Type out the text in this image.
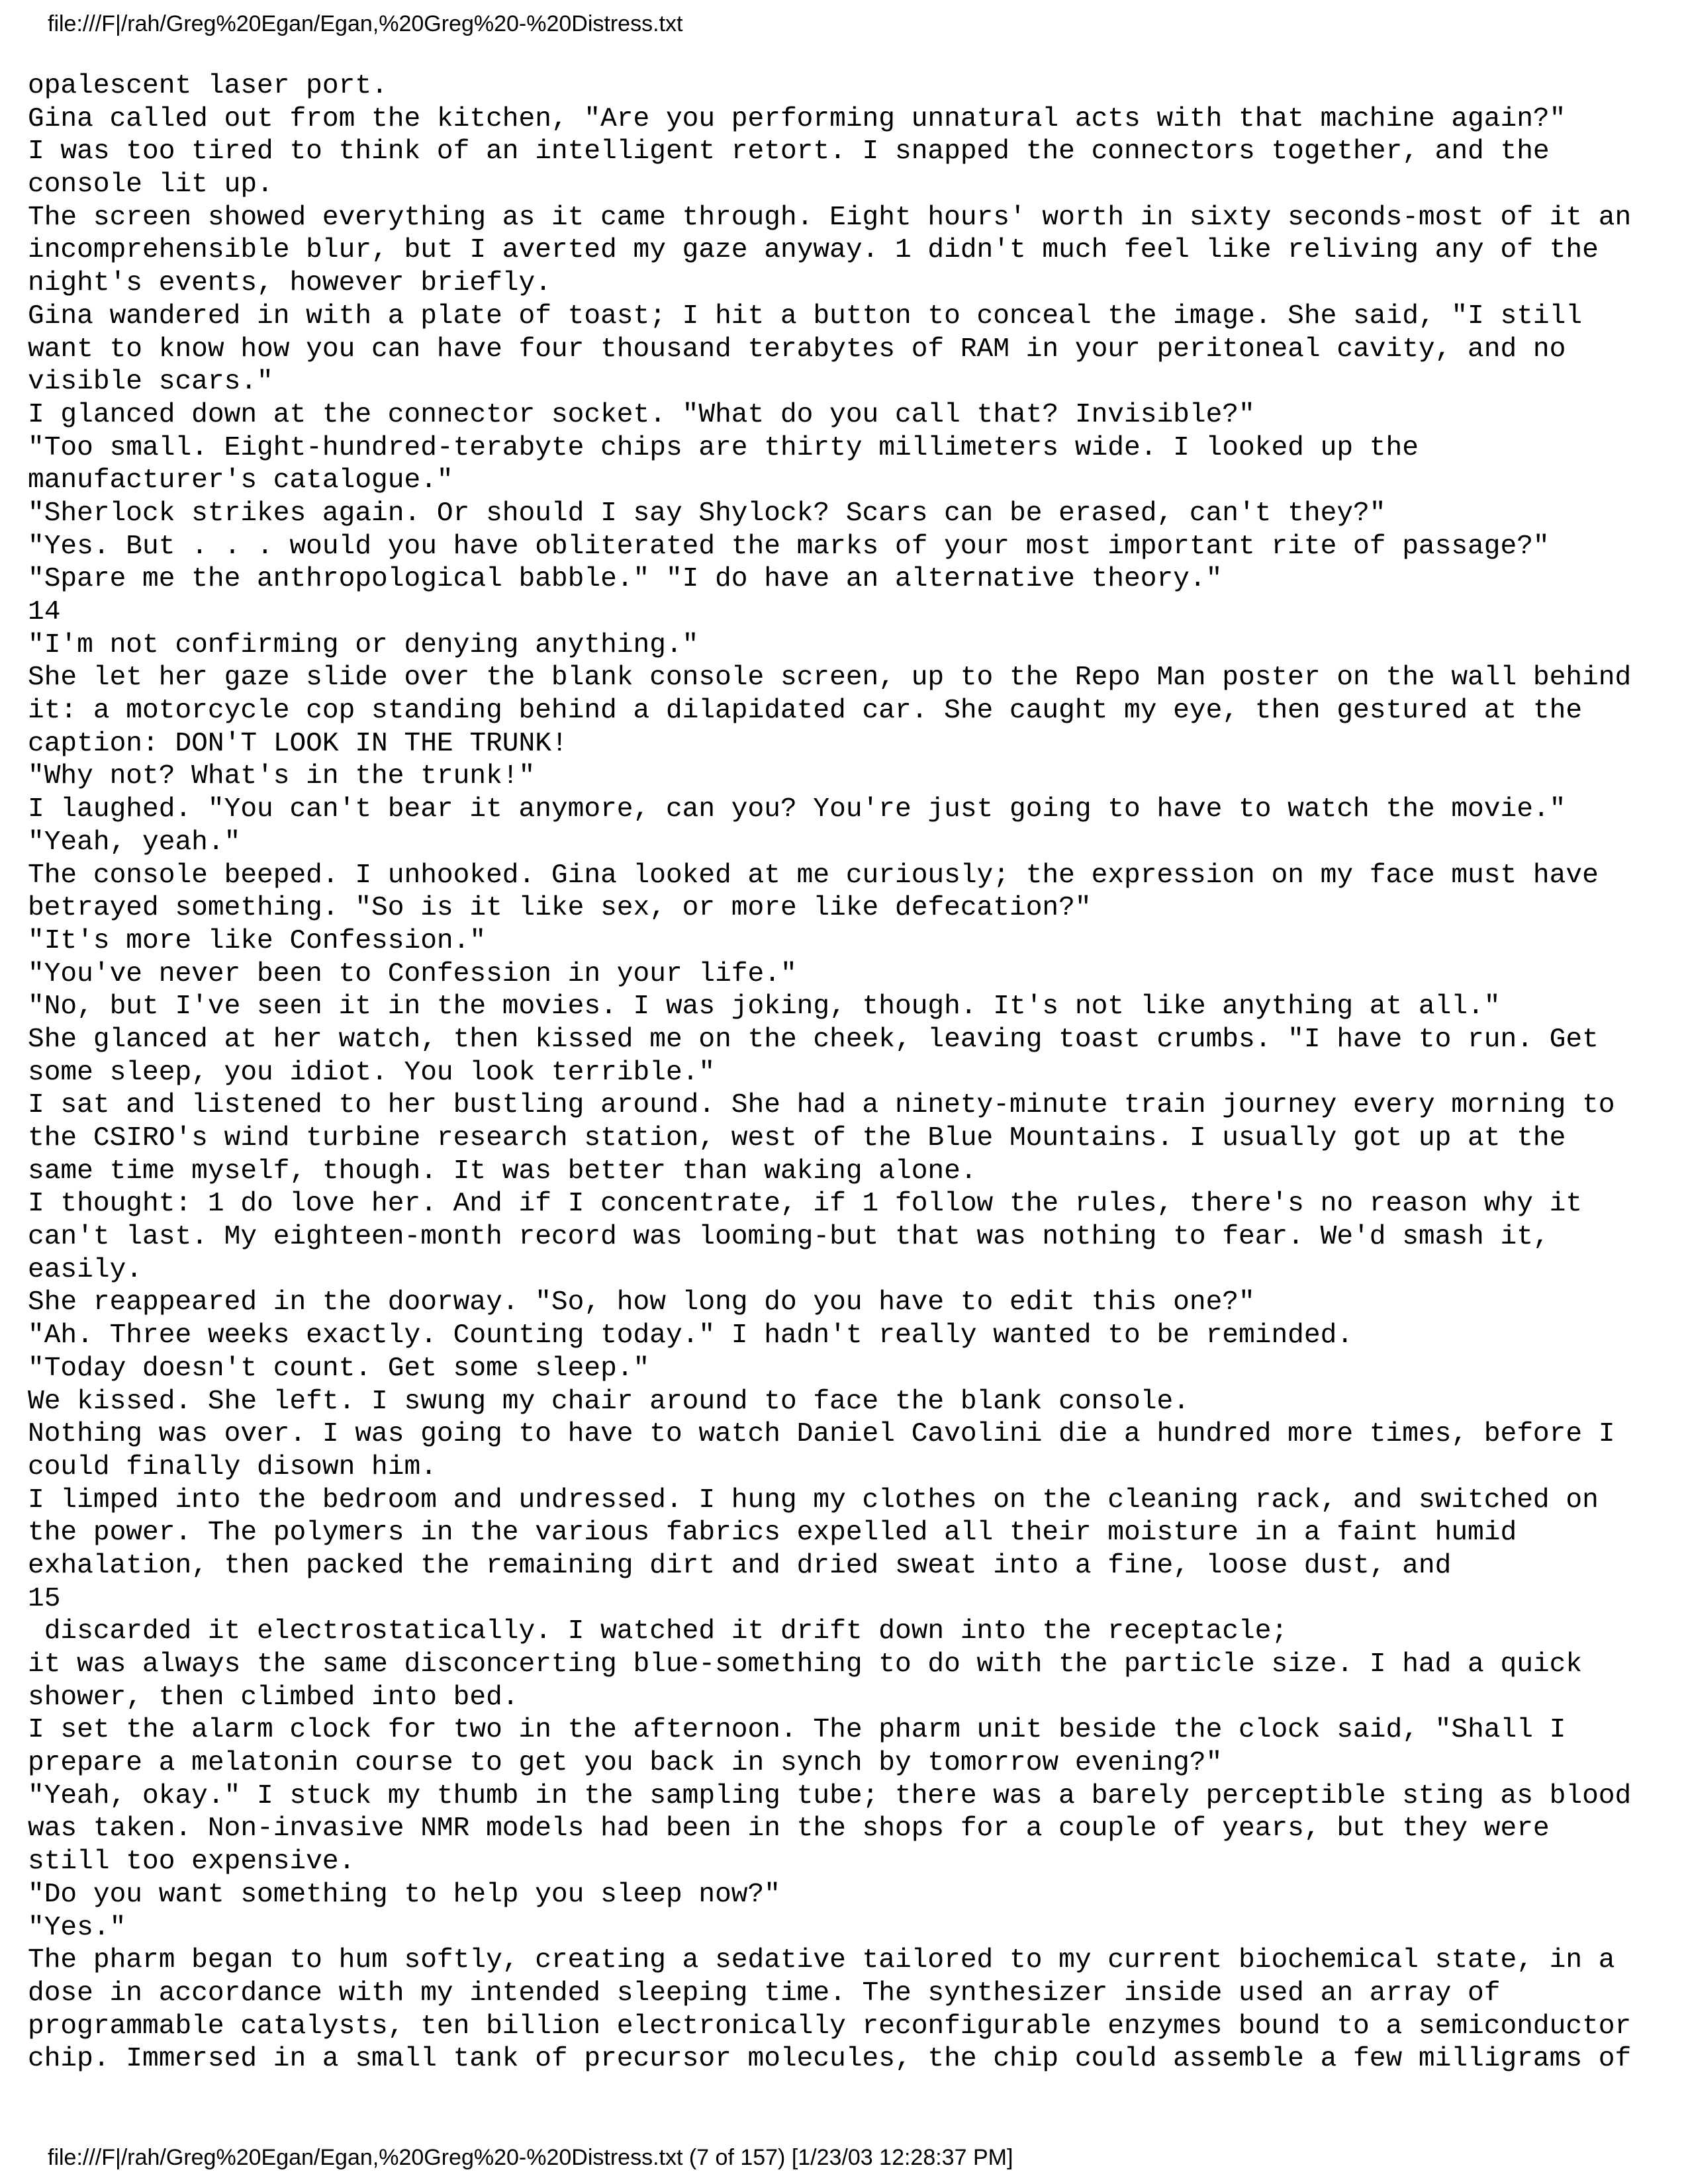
file:///F|/rah/Greg%20Egan/Egan,%20Greg%20-%20Distress.txt
opalescent laser port.
Gina called out from the kitchen, "Are you performing unnatural acts with that machine again?"
I was too tired to think of an intelligent retort. I snapped the connectors together, and the
console lit up.
The screen showed everything as it came through. Eight hours' worth in sixty seconds-most of it an
incomprehensible blur, but I averted my gaze anyway. 1 didn't much feel like reliving any of the
night's events, however briefly.
Gina wandered in with a plate of toast; I hit a button to conceal the image. She said, "I still
want to know how you can have four thousand terabytes of RAM in your peritoneal cavity, and no
visible scars."
I glanced down at the connector socket. "What do you call that? Invisible?"
"Too small. Eight-hundred-terabyte chips are thirty millimeters wide. I looked up the
manufacturer's catalogue."
"Sherlock strikes again. Or should I say Shylock? Scars can be erased, can't they?"
"Yes. But . . . would you have obliterated the marks of your most important rite of passage?"
"Spare me the anthropological babble." "I do have an alternative theory."
14
"I'm not confirming or denying anything."
She let her gaze slide over the blank console screen, up to the Repo Man poster on the wall behind
it: a motorcycle cop standing behind a dilapidated car. She caught my eye, then gestured at the
caption: DON'T LOOK IN THE TRUNK!
"Why not? What's in the trunk!"
I laughed. "You can't bear it anymore, can you? You're just going to have to watch the movie."
"Yeah, yeah."
The console beeped. I unhooked. Gina looked at me curiously; the expression on my face must have
betrayed something. "So is it like sex, or more like defecation?"
"It's more like Confession."
"You've never been to Confession in your life."
"No, but I've seen it in the movies. I was joking, though. It's not like anything at all."
She glanced at her watch, then kissed me on the cheek, leaving toast crumbs. "I have to run. Get
some sleep, you idiot. You look terrible."
I sat and listened to her bustling around. She had a ninety-minute train journey every morning to
the CSIRO's wind turbine research station, west of the Blue Mountains. I usually got up at the
same time myself, though. It was better than waking alone.
I thought: 1 do love her. And if I concentrate, if 1 follow the rules, there's no reason why it
can't last. My eighteen-month record was looming-but that was nothing to fear. We'd smash it,
easily.
She reappeared in the doorway. "So, how long do you have to edit this one?"
"Ah. Three weeks exactly. Counting today." I hadn't really wanted to be reminded.
"Today doesn't count. Get some sleep."
We kissed. She left. I swung my chair around to face the blank console.
Nothing was over. I was going to have to watch Daniel Cavolini die a hundred more times, before I
could finally disown him.
I limped into the bedroom and undressed. I hung my clothes on the cleaning rack, and switched on
the power. The polymers in the various fabrics expelled all their moisture in a faint humid
exhalation, then packed the remaining dirt and dried sweat into a fine, loose dust, and
15
discarded it electrostatically. I watched it drift down into the receptacle;
it was always the same disconcerting blue-something to do with the particle size. I had a quick
shower, then climbed into bed.
I set the alarm clock for two in the afternoon. The pharm unit beside the clock said, "Shall I
prepare a melatonin course to get you back in synch by tomorrow evening?"
"Yeah, okay." I stuck my thumb in the sampling tube; there was a barely perceptible sting as blood
was taken. Non-invasive NMR models had been in the shops for a couple of years, but they were
still too expensive.
"Do you want something to help you sleep now?"
"Yes."
The pharm began to hum softly, creating a sedative tailored to my current biochemical state, in a
dose in accordance with my intended sleeping time. The synthesizer inside used an array of
programmable catalysts, ten billion electronically reconfigurable enzymes bound to a semiconductor
chip. Immersed in a small tank of precursor molecules, the chip could assemble a few milligrams of
file:///F|/rah/Greg%20Egan/Egan,%20Greg%20-%20Distress.txt (7 of 157) [1/23/03 12:28:37 PM]
